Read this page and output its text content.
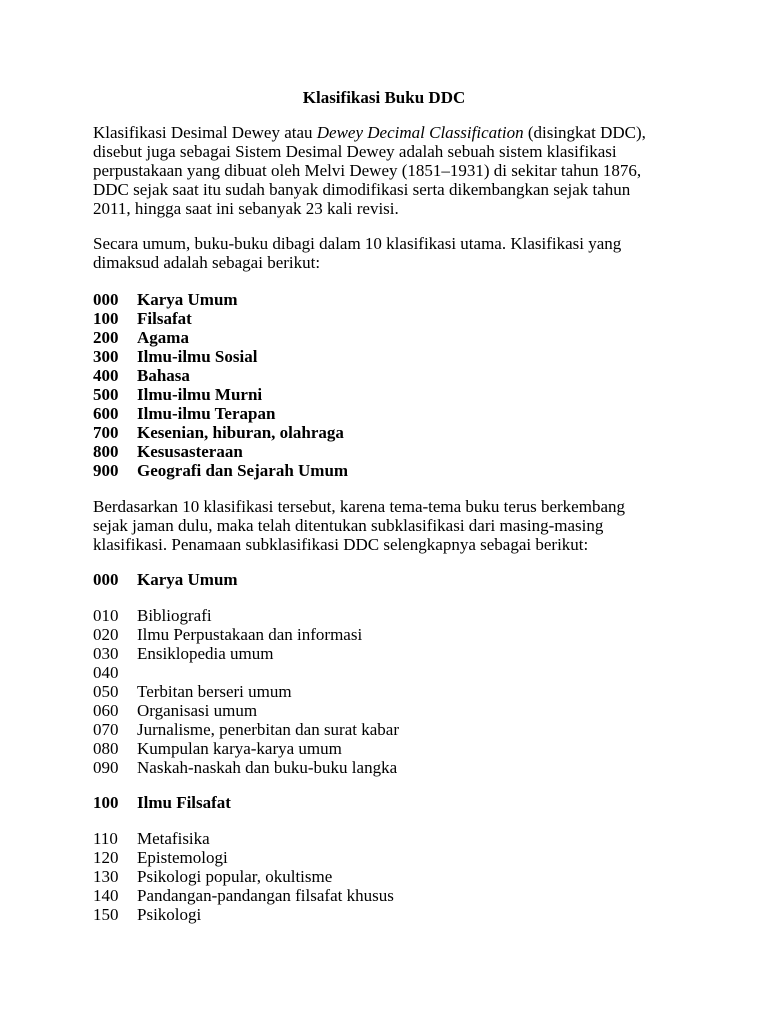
Klasifikasi Buku DDC
Klasifikasi Desimal Dewey atau Dewey Decimal Classification (disingkat DDC),
disebut juga sebagai Sistem Desimal Dewey adalah sebuah sistem klasifikasi
perpustakaan yang dibuat oleh Melvi Dewey (1851–1931) di sekitar tahun 1876,
DDC sejak saat itu sudah banyak dimodifikasi serta dikembangkan sejak tahun
2011, hingga saat ini sebanyak 23 kali revisi.
Secara umum, buku-buku dibagi dalam 10 klasifikasi utama. Klasifikasi yang
dimaksud adalah sebagai berikut:
000 Karya Umum
100 Filsafat
200 Agama
300 Ilmu-ilmu Sosial
400 Bahasa
500 Ilmu-ilmu Murni
600 Ilmu-ilmu Terapan
700 Kesenian, hiburan, olahraga
800 Kesusasteraan
900 Geografi dan Sejarah Umum
Berdasarkan 10 klasifikasi tersebut, karena tema-tema buku terus berkembang
sejak jaman dulu, maka telah ditentukan subklasifikasi dari masing-masing
klasifikasi. Penamaan subklasifikasi DDC selengkapnya sebagai berikut:
000 Karya Umum
010 Bibliografi
020 Ilmu Perpustakaan dan informasi
030 Ensiklopedia umum
040
050 Terbitan berseri umum
060 Organisasi umum
070 Jurnalisme, penerbitan dan surat kabar
080 Kumpulan karya-karya umum
090 Naskah-naskah dan buku-buku langka
100 Ilmu Filsafat
110 Metafisika
120 Epistemologi
130 Psikologi popular, okultisme
140 Pandangan-pandangan filsafat khusus
150 Psikologi
